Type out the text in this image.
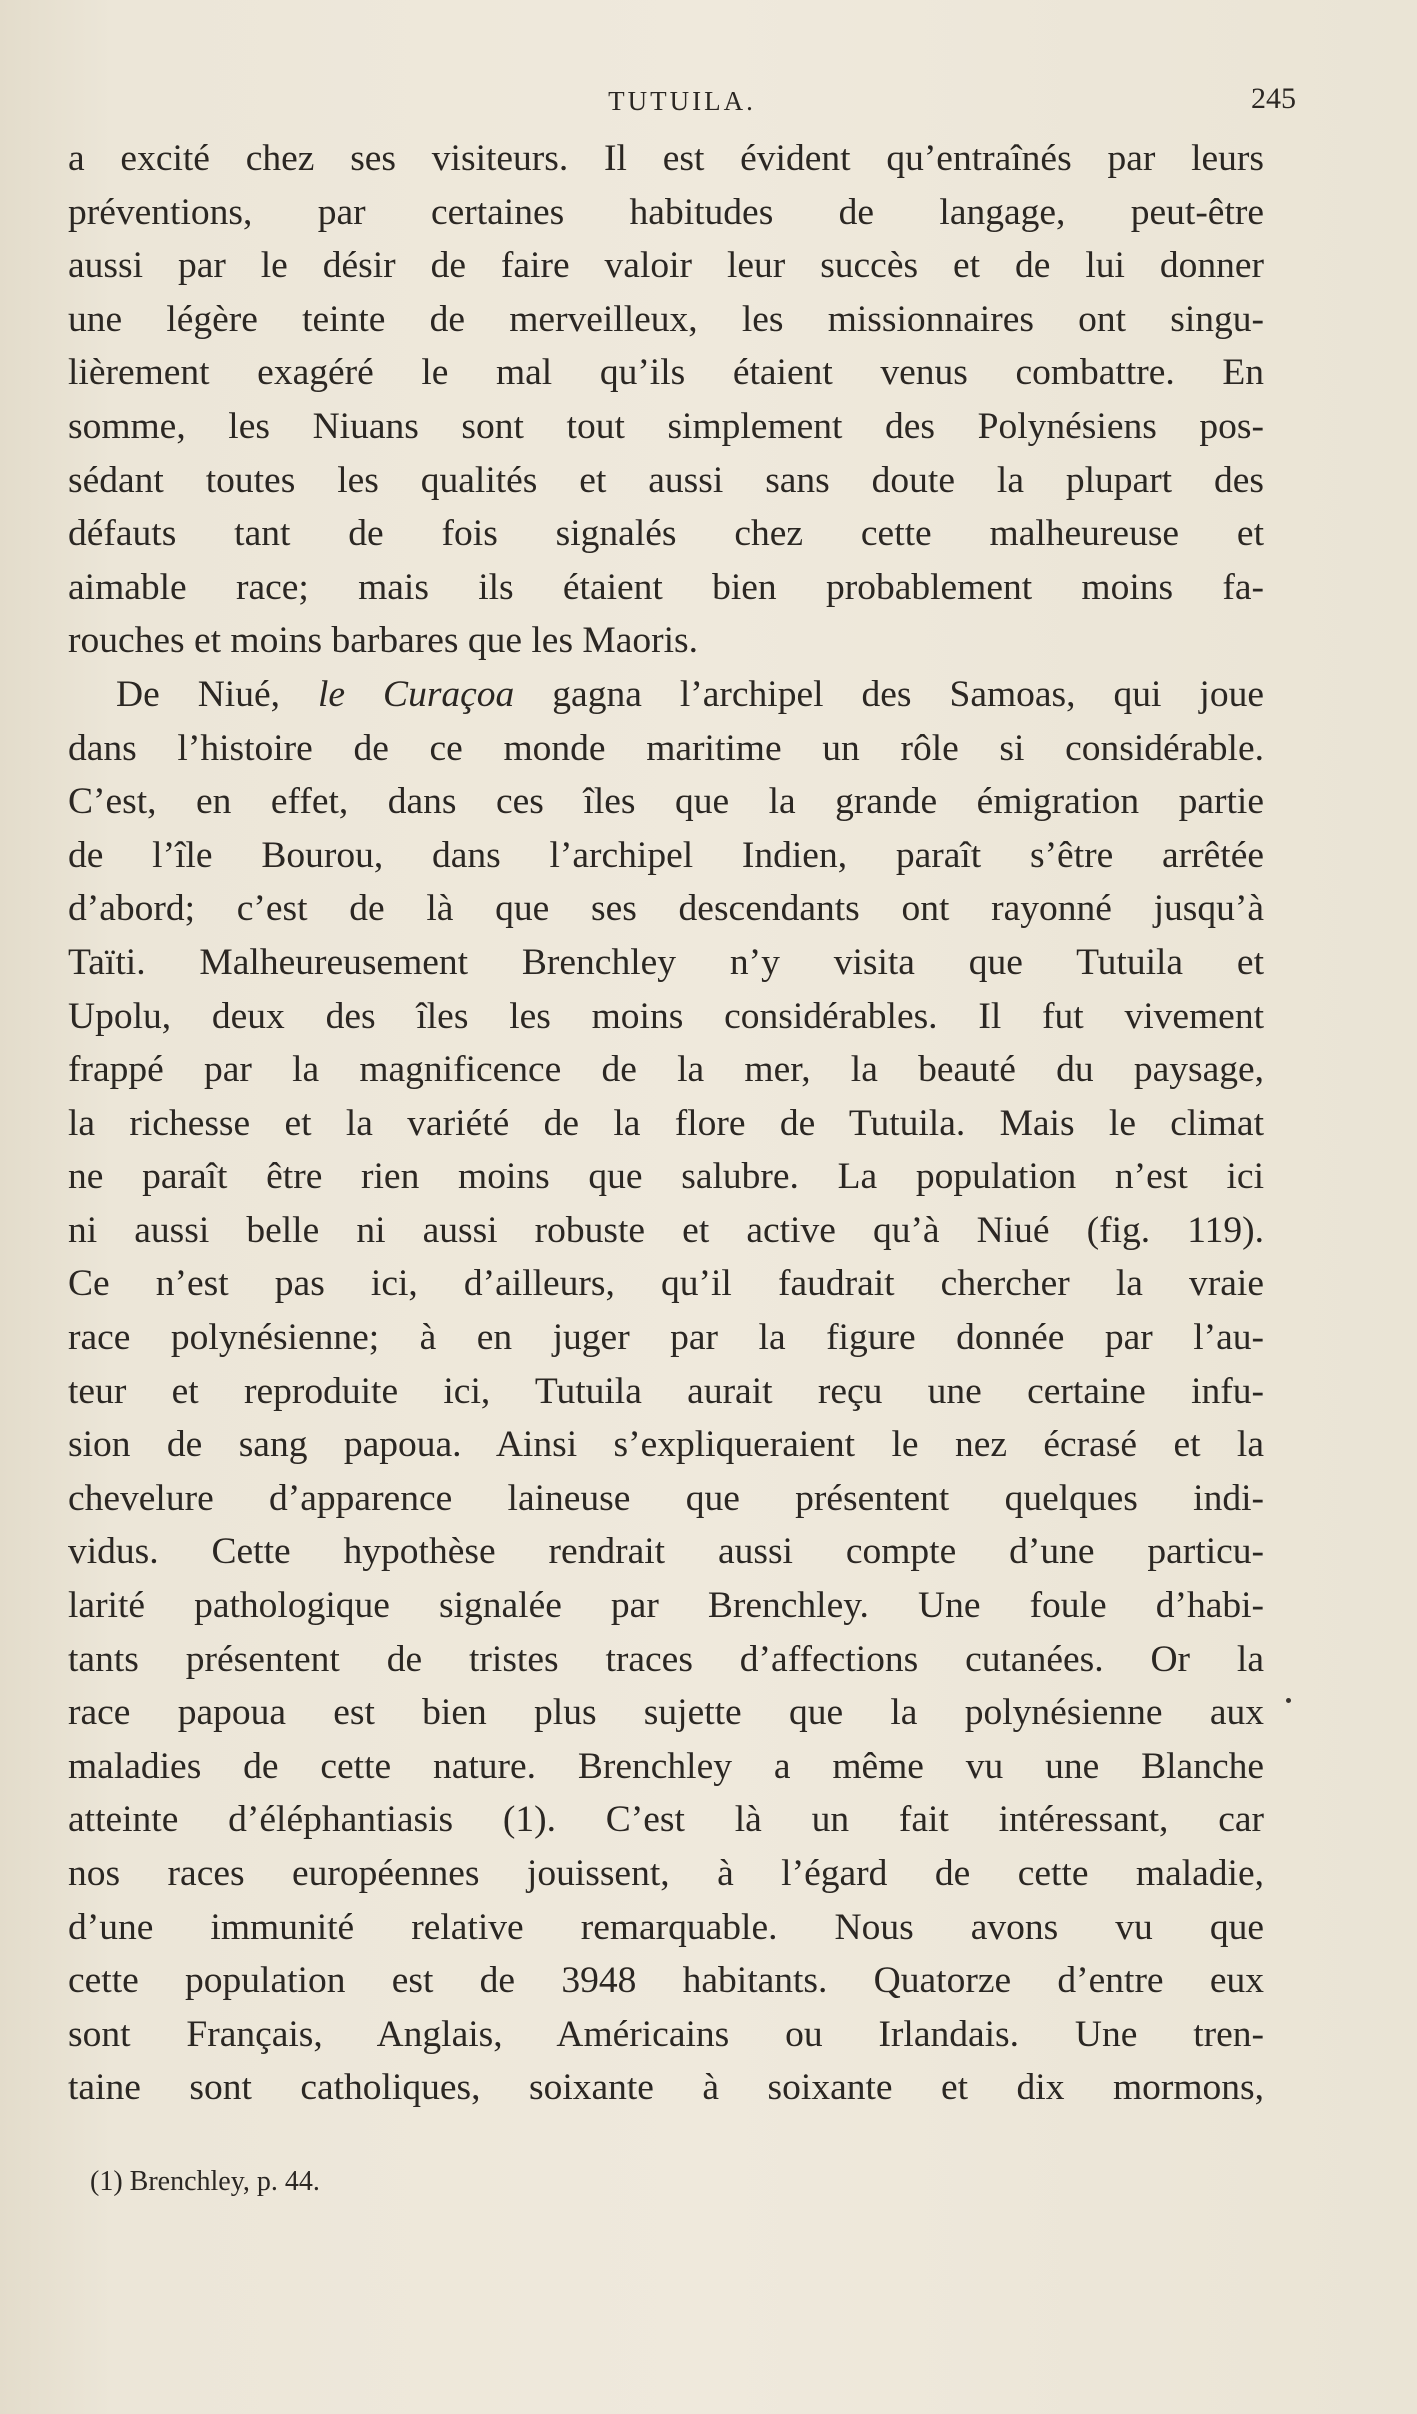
TUTUILA.	245
a excité chez ses visiteurs. Il est évident qu’entraînés par leurs
préventions, par certaines habitudes de langage, peut-être
aussi par le désir de faire valoir leur succès et de lui donner
une légère teinte de merveilleux, les missionnaires ont singu-
lièrement exagéré le mal qu’ils étaient venus combattre. En
somme, les Niuans sont tout simplement des Polynésiens pos-
sédant toutes les qualités et aussi sans doute la plupart des
défauts tant de fois signalés chez cette malheureuse et
aimable race; mais ils étaient bien probablement moins fa-
rouches et moins barbares que les Maoris.
De Niué, le Curaçoa gagna l’archipel des Samoas, qui joue
dans l’histoire de ce monde maritime un rôle si considérable.
C’est, en effet, dans ces îles que la grande émigration partie
de l’île Bourou, dans l’archipel Indien, paraît s’être arrêtée
d’abord; c’est de là que ses descendants ont rayonné jusqu’à
Taïti. Malheureusement Brenchley n’y visita que Tutuila et
Upolu, deux des îles les moins considérables. Il fut vivement
frappé par la magnificence de la mer, la beauté du paysage,
la richesse et la variété de la flore de Tutuila. Mais le climat
ne paraît être rien moins que salubre. La population n’est ici
ni aussi belle ni aussi robuste et active qu’à Niué (fig. 119).
Ce n’est pas ici, d’ailleurs, qu’il faudrait chercher la vraie
race polynésienne; à en juger par la figure donnée par l’au-
teur et reproduite ici, Tutuila aurait reçu une certaine infu-
sion de sang papoua. Ainsi s’expliqueraient le nez écrasé et la
chevelure d’apparence laineuse que présentent quelques indi-
vidus. Cette hypothèse rendrait aussi compte d’une particu-
larité pathologique signalée par Brenchley. Une foule d’habi-
tants présentent de tristes traces d’affections cutanées. Or la
race papoua est bien plus sujette que la polynésienne aux
maladies de cette nature. Brenchley a même vu une Blanche
atteinte d’éléphantiasis (1). C’est là un fait intéressant, car
nos races européennes jouissent, à l’égard de cette maladie,
d’une immunité relative remarquable. Nous avons vu que
cette population est de 3948 habitants. Quatorze d’entre eux
sont Français, Anglais, Américains ou Irlandais. Une tren-
taine sont catholiques, soixante à soixante et dix mormons,
(1) Brenchley, p. 44.
